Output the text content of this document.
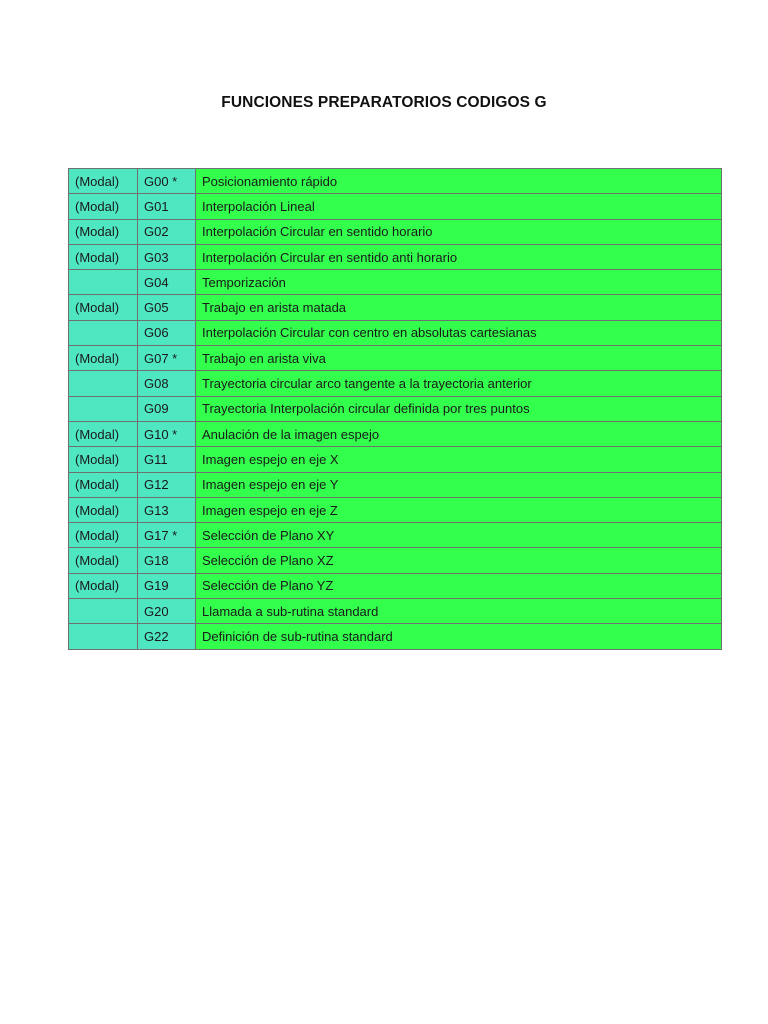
FUNCIONES PREPARATORIOS CODIGOS G
(Modal)	G00 *	Posicionamiento rápido
(Modal)	G01	Interpolación Lineal
(Modal)	G02	Interpolación Circular en sentido horario
(Modal)	G03	Interpolación Circular en sentido anti horario
	G04	Temporización
(Modal)	G05	Trabajo en arista matada
	G06	Interpolación Circular con centro en absolutas cartesianas
(Modal)	G07 *	Trabajo en arista viva
	G08	Trayectoria circular arco tangente a la trayectoria anterior
	G09	Trayectoria Interpolación circular definida por tres puntos
(Modal)	G10 *	Anulación de la imagen espejo
(Modal)	G11	Imagen espejo en eje X
(Modal)	G12	Imagen espejo en eje Y
(Modal)	G13	Imagen espejo en eje Z
(Modal)	G17 *	Selección de Plano XY
(Modal)	G18	Selección de Plano XZ
(Modal)	G19	Selección de Plano YZ
	G20	Llamada a sub-rutina standard
	G22	Definición de sub-rutina standard
